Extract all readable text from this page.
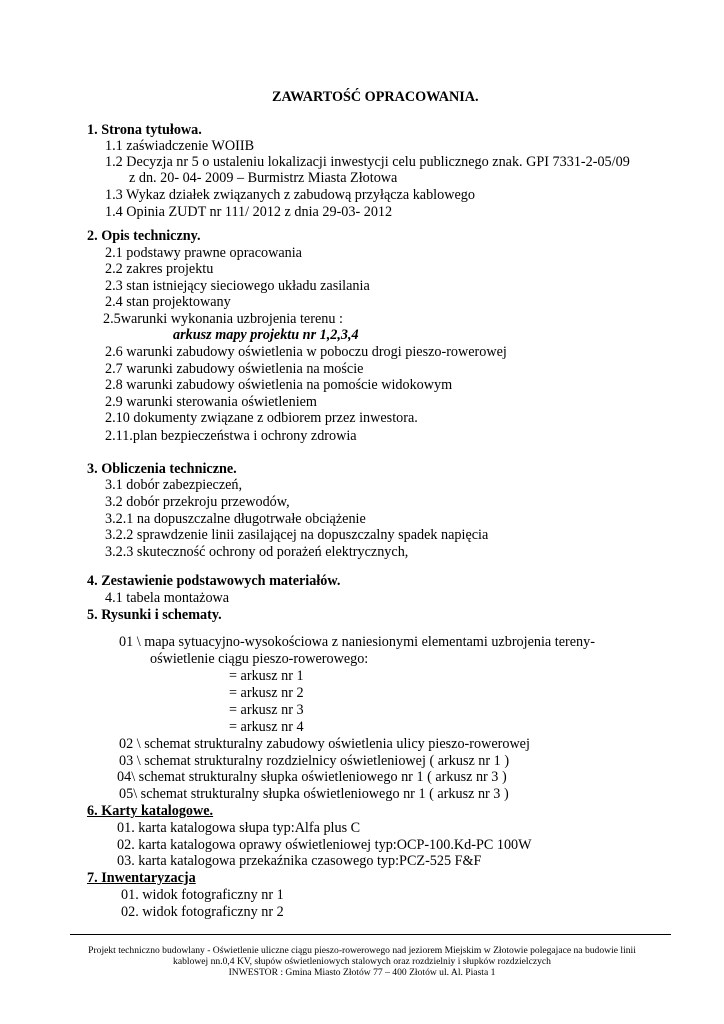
ZAWARTOŚĆ OPRACOWANIA.
1. Strona tytułowa.
1.1 zaświadczenie WOIIB
1.2 Decyzja nr 5 o ustaleniu lokalizacji inwestycji celu publicznego znak. GPI 7331-2-05/09
z dn. 20- 04- 2009 – Burmistrz Miasta Złotowa
1.3 Wykaz działek związanych z zabudową przyłącza kablowego
1.4 Opinia ZUDT nr 111/ 2012 z dnia 29-03- 2012
2. Opis techniczny.
2.1 podstawy prawne opracowania
2.2 zakres projektu
2.3 stan istniejący sieciowego układu zasilania
2.4 stan projektowany
2.5warunki wykonania uzbrojenia terenu :
arkusz mapy projektu nr 1,2,3,4
2.6 warunki zabudowy oświetlenia w poboczu drogi pieszo-rowerowej
2.7 warunki zabudowy oświetlenia na moście
2.8 warunki zabudowy oświetlenia na pomoście widokowym
2.9 warunki sterowania oświetleniem
2.10 dokumenty związane z odbiorem przez inwestora.
2.11.plan bezpieczeństwa i ochrony zdrowia
3. Obliczenia techniczne.
3.1 dobór zabezpieczeń,
3.2 dobór przekroju przewodów,
3.2.1 na dopuszczalne długotrwałe obciążenie
3.2.2 sprawdzenie linii zasilającej na dopuszczalny spadek napięcia
3.2.3 skuteczność ochrony od porażeń elektrycznych,
4. Zestawienie podstawowych materiałów.
4.1 tabela montażowa
5. Rysunki i schematy.
01 \ mapa sytuacyjno-wysokościowa z naniesionymi elementami uzbrojenia tereny-
oświetlenie ciągu pieszo-rowerowego:
= arkusz nr 1
= arkusz nr 2
= arkusz nr 3
= arkusz nr 4
02 \ schemat strukturalny zabudowy oświetlenia ulicy pieszo-rowerowej
03 \ schemat strukturalny rozdzielnicy oświetleniowej ( arkusz nr 1 )
04\ schemat strukturalny słupka oświetleniowego nr 1 ( arkusz nr 3 )
05\ schemat strukturalny słupka oświetleniowego nr 1 ( arkusz nr 3 )
6. Karty katalogowe.
01. karta katalogowa słupa typ:Alfa plus C
02. karta katalogowa oprawy oświetleniowej typ:OCP-100.Kd-PC 100W
03. karta katalogowa przekaźnika czasowego typ:PCZ-525 F&F
7. Inwentaryzacja
01. widok fotograficzny nr 1
02. widok fotograficzny nr 2
Projekt techniczno budowlany - Oświetlenie uliczne ciągu pieszo-rowerowego nad jeziorem Miejskim w Złotowie polegajace na budowie linii
kablowej nn.0,4 KV, słupów oświetleniowych stalowych oraz rozdzielniy i słupków rozdzielczych
INWESTOR : Gmina Miasto Złotów 77 – 400 Złotów ul. Al. Piasta 1
